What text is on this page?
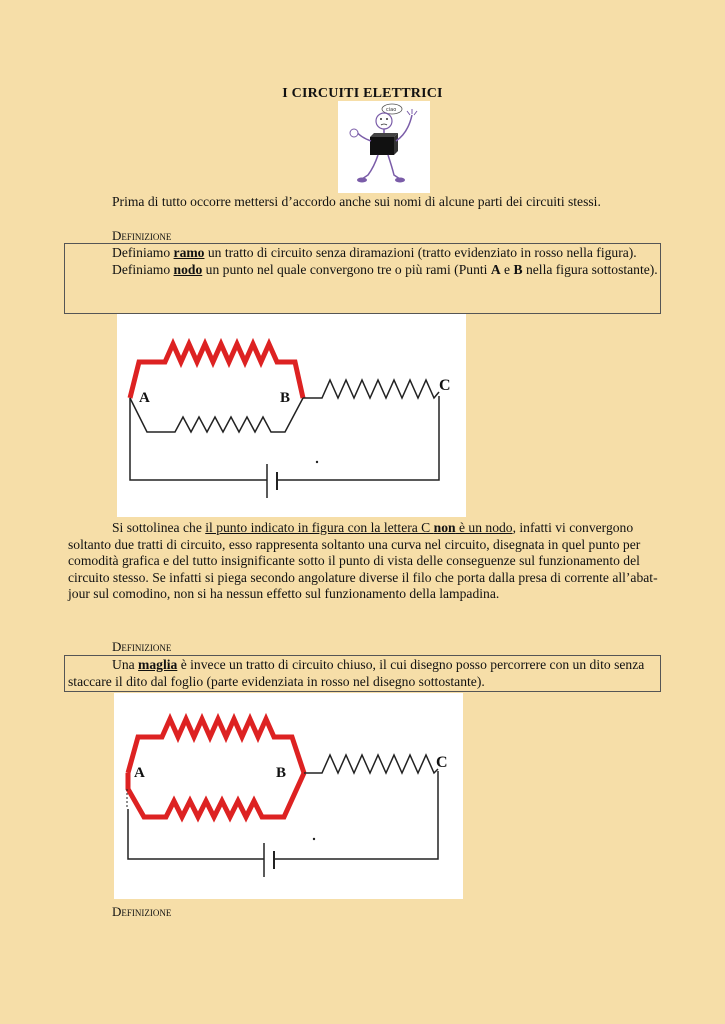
I CIRCUITI ELETTRICI
ciao
Prima di tutto occorre mettersi d’accordo anche sui nomi di alcune parti dei circuiti stessi.
Definizione
Definiamo ramo un tratto di circuito senza diramazioni (tratto evidenziato in rosso nella figura).
Definiamo nodo un punto nel quale convergono tre o più rami (Punti A e B nella figura sottostante).
A	B
C
Si sottolinea che il punto indicato in figura con la lettera C non è un nodo, infatti vi convergono soltanto due tratti di circuito, esso rappresenta soltanto una curva nel circuito, disegnata in quel punto per comodità grafica e del tutto insignificante sotto il punto di vista delle conseguenze sul funzionamento del circuito stesso. Se infatti si piega secondo angolature diverse il filo che porta dalla presa di corrente all’abat-jour sul comodino, non si ha nessun effetto sul funzionamento della lampadina.
Definizione
Una maglia è invece un tratto di circuito chiuso, il cui disegno posso percorrere con un dito senza staccare il dito dal foglio (parte evidenziata in rosso nel disegno sottostante).
A	B
C
Definizione
